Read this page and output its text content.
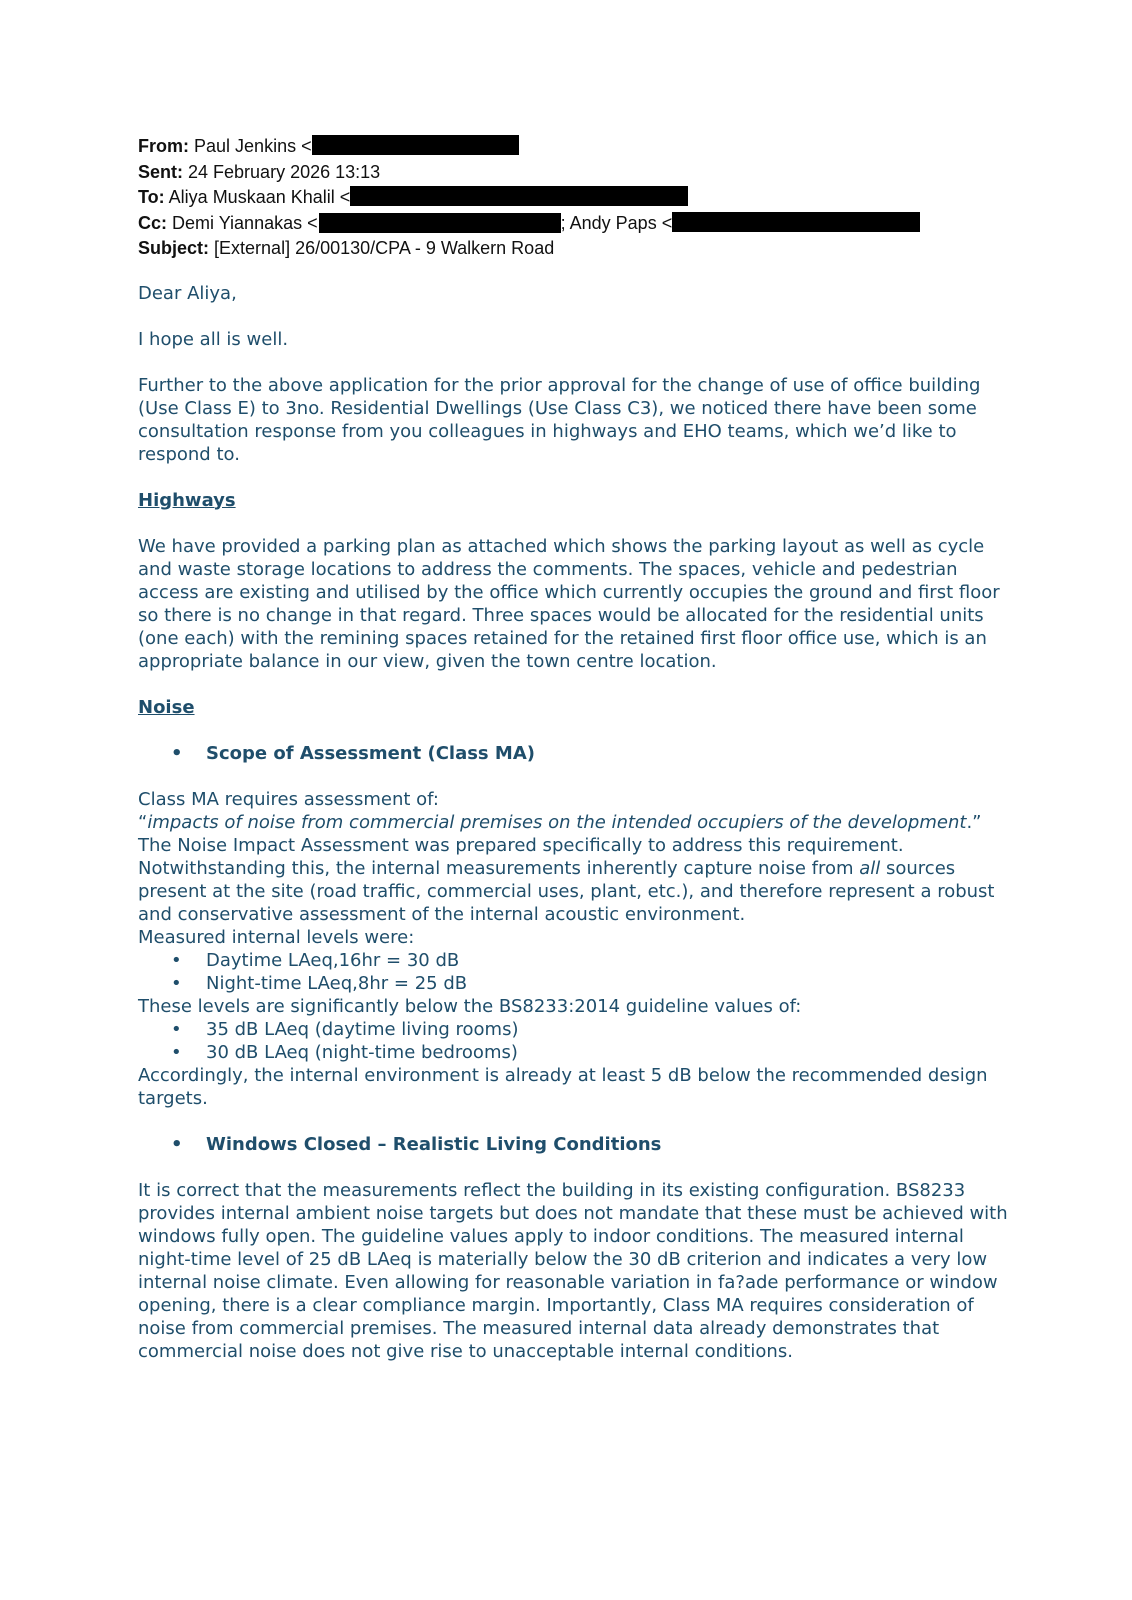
From: Paul Jenkins <
Sent: 24 February 2026 13:13
To: Aliya Muskaan Khalil <
Cc: Demi Yiannakas <	; Andy Paps <
Subject: [External] 26/00130/CPA - 9 Walkern Road

Dear Aliya,

I hope all is well.

Further to the above application for the prior approval for the change of use of office building (Use Class E) to 3no. Residential Dwellings (Use Class C3), we noticed there have been some consultation response from you colleagues in highways and EHO teams, which we’d like to respond to.

Highways

We have provided a parking plan as attached which shows the parking layout as well as cycle and waste storage locations to address the comments. The spaces, vehicle and pedestrian access are existing and utilised by the office which currently occupies the ground and first floor so there is no change in that regard. Three spaces would be allocated for the residential units (one each) with the remining spaces retained for the retained first floor office use, which is an appropriate balance in our view, given the town centre location.

Noise

• Scope of Assessment (Class MA)

Class MA requires assessment of:

“impacts of noise from commercial premises on the intended occupiers of the development.”

The Noise Impact Assessment was prepared specifically to address this requirement.

Notwithstanding this, the internal measurements inherently capture noise from all sources present at the site (road traffic, commercial uses, plant, etc.), and therefore represent a robust and conservative assessment of the internal acoustic environment.

Measured internal levels were:

• Daytime LAeq,16hr = 30 dB

• Night-time LAeq,8hr = 25 dB

These levels are significantly below the BS8233:2014 guideline values of:

• 35 dB LAeq (daytime living rooms)

• 30 dB LAeq (night-time bedrooms)

Accordingly, the internal environment is already at least 5 dB below the recommended design targets.

• Windows Closed – Realistic Living Conditions

It is correct that the measurements reflect the building in its existing configuration. BS8233 provides internal ambient noise targets but does not mandate that these must be achieved with windows fully open. The guideline values apply to indoor conditions. The measured internal night-time level of 25 dB LAeq is materially below the 30 dB criterion and indicates a very low internal noise climate. Even allowing for reasonable variation in fa?ade performance or window opening, there is a clear compliance margin. Importantly, Class MA requires consideration of noise from commercial premises. The measured internal data already demonstrates that commercial noise does not give rise to unacceptable internal conditions.
